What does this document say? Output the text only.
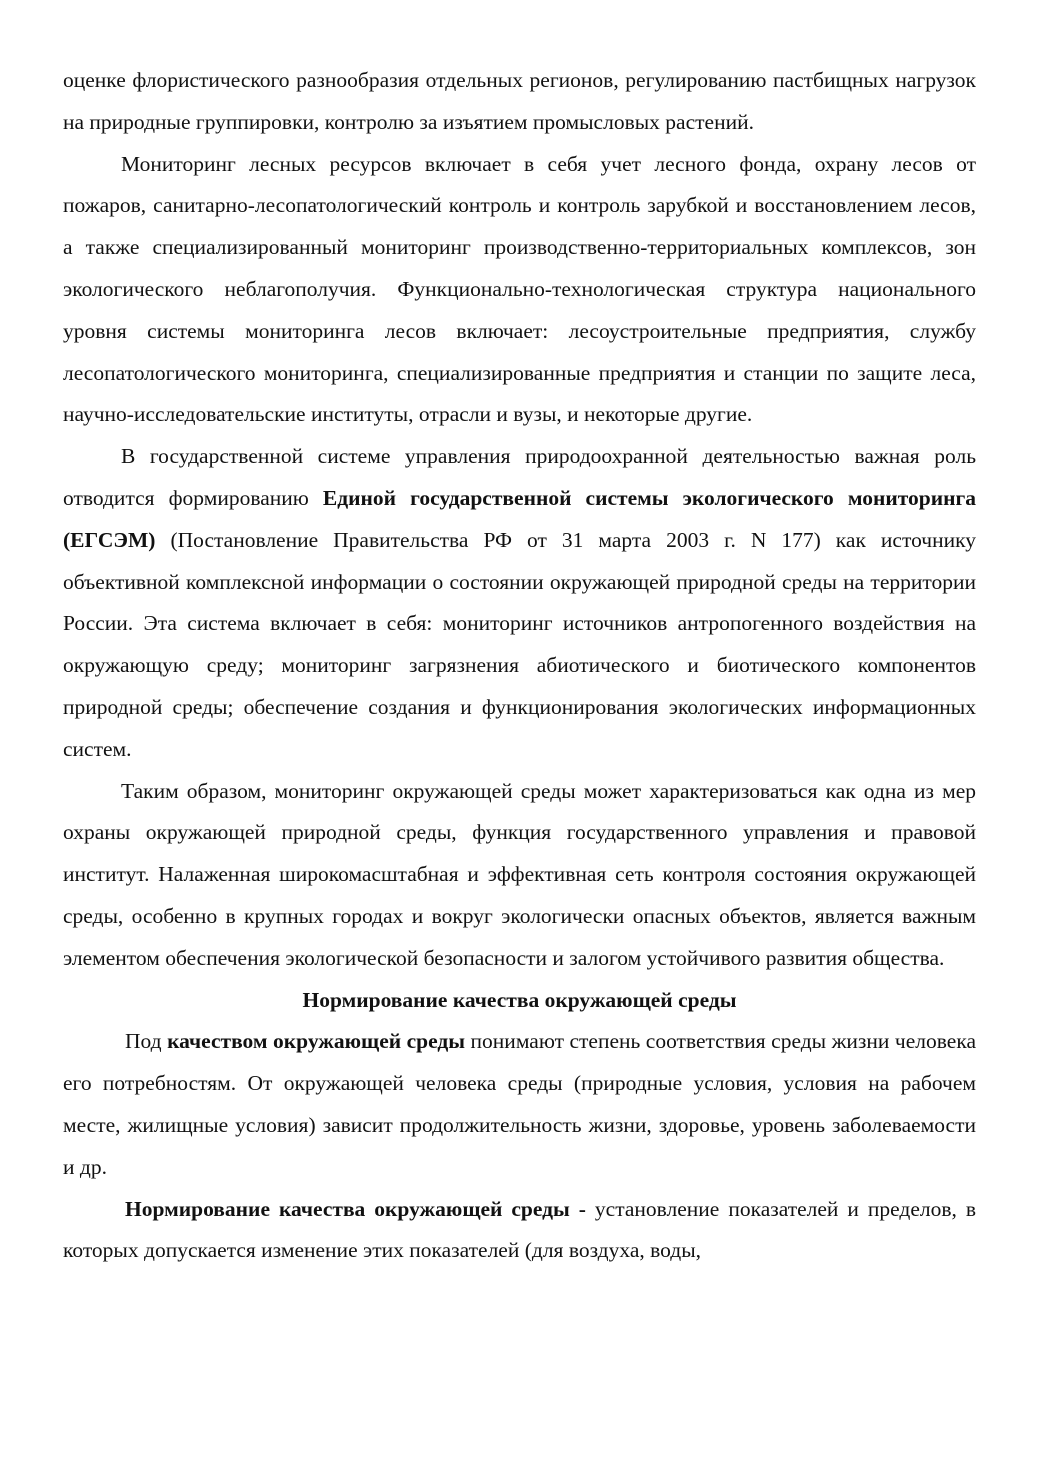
оценке флористического разнообразия отдельных регионов, регулированию пастбищных нагрузок на природные группировки, контролю за изъятием промысловых растений.

Мониторинг лесных ресурсов включает в себя учет лесного фонда, охрану лесов от пожаров, санитарно-лесопатологический контроль и контроль зарубкой и восстановлением лесов, а также специализированный мониторинг производственно-территориальных комплексов, зон экологического неблагополучия. Функционально-технологическая структура национального уровня системы мониторинга лесов включает: лесоустроительные предприятия, службу лесопатологического мониторинга, специализированные предприятия и станции по защите леса, научно-исследовательские институты, отрасли и вузы, и некоторые другие.

В государственной системе управления природоохранной деятельностью важная роль отводится формированию Единой государственной системы экологического мониторинга (ЕГСЭМ) (Постановление Правительства РФ от 31 марта 2003 г. N 177) как источнику объективной комплексной информации о состоянии окружающей природной среды на территории России. Эта система включает в себя: мониторинг источников антропогенного воздействия на окружающую среду; мониторинг загрязнения абиотического и биотического компонентов природной среды; обеспечение создания и функционирования экологических информационных систем.

Таким образом, мониторинг окружающей среды может характеризоваться как одна из мер охраны окружающей природной среды, функция государственного управления и правовой институт. Налаженная широкомасштабная и эффективная сеть контроля состояния окружающей среды, особенно в крупных городах и вокруг экологически опасных объектов, является важным элементом обеспечения экологической безопасности и залогом устойчивого развития общества.

Нормирование качества окружающей среды

Под качеством окружающей среды понимают степень соответствия среды жизни человека его потребностям. От окружающей человека среды (природные условия, условия на рабочем месте, жилищные условия) зависит продолжительность жизни, здоровье, уровень заболеваемости и др.

Нормирование качества окружающей среды - установление показателей и пределов, в которых допускается изменение этих показателей (для воздуха, воды,
